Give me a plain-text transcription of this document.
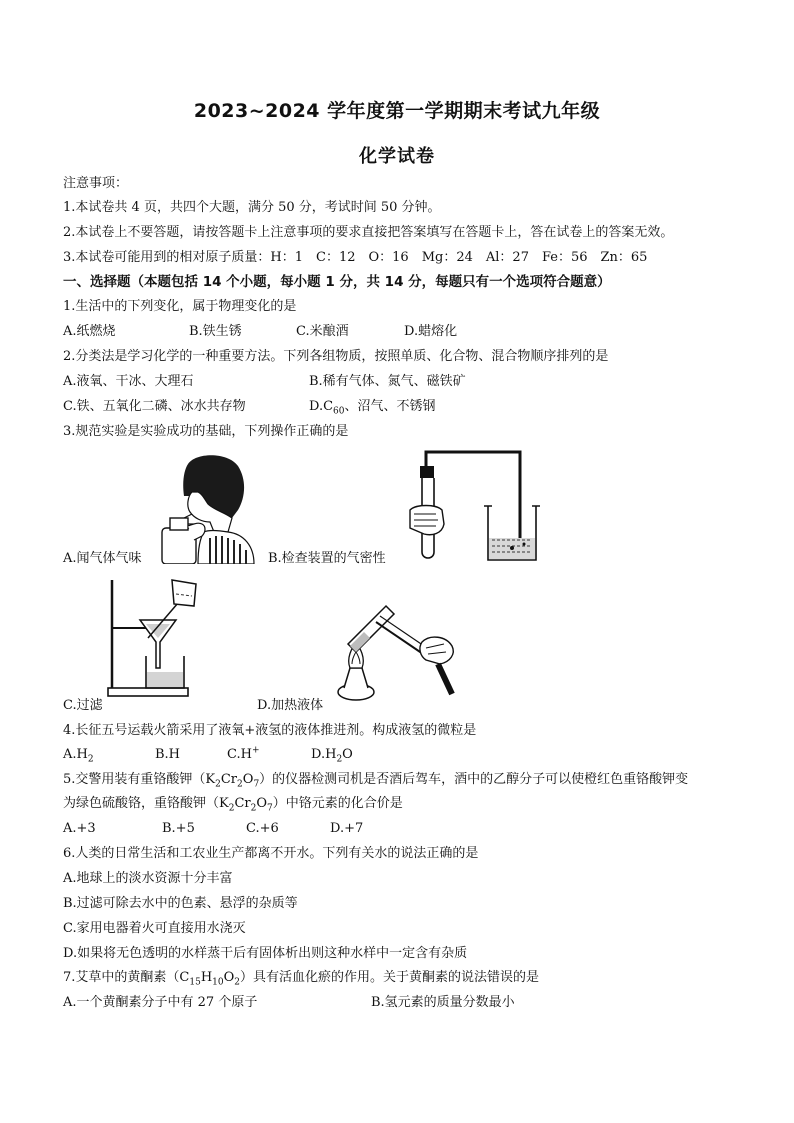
2023~2024 学年度第一学期期末考试九年级
化学试卷
注意事项：
1.本试卷共 4 页，共四个大题，满分 50 分，考试时间 50 分钟。
2.本试卷上不要答题，请按答题卡上注意事项的要求直接把答案填写在答题卡上，答在试卷上的答案无效。
3.本试卷可能用到的相对原子质量：H：1　C：12　O：16　Mg：24　Al：27　Fe：56　Zn：65
一、选择题（本题包括 14 个小题，每小题 1 分，共 14 分，每题只有一个选项符合题意）
1.生活中的下列变化，属于物理变化的是
A.纸燃烧	B.铁生锈	C.米酿酒	D.蜡熔化
2.分类法是学习化学的一种重要方法。下列各组物质，按照单质、化合物、混合物顺序排列的是
A.液氧、干冰、大理石	B.稀有气体、氮气、磁铁矿
C.铁、五氧化二磷、冰水共存物	$D.C_{60}$、沼气、不锈钢
3.规范实验是实验成功的基础，下列操作正确的是
A.闻气体气味	B.检查装置的气密性
C.过滤	D.加热液体
4.长征五号运载火箭采用了液氧+液氢的液体推进剂。构成液氢的微粒是
$A.H_2$	B.H	C.H+	$D.H_2O$
5.交警用装有重铬酸钾$(K_2Cr_2O_7)$的仪器检测司机是否酒后驾车，酒中的乙醇分子可以使橙红色重铬酸钾变
为绿色硫酸铬，重铬酸钾$(K_2Cr_2O_7)$中铬元素的化合价是
A.+3	B.+5	C.+6	D.+7
6.人类的日常生活和工农业生产都离不开水。下列有关水的说法正确的是
A.地球上的淡水资源十分丰富
B.过滤可除去水中的色素、悬浮的杂质等
C.家用电器着火可直接用水浇灭
D.如果将无色透明的水样蒸干后有固体析出则这种水样中一定含有杂质
7.艾草中的黄酮素$(C_{15}H_{10}O_2)$具有活血化瘀的作用。关于黄酮素的说法错误的是
A.一个黄酮素分子中有 27 个原子	B.氢元素的质量分数最小
